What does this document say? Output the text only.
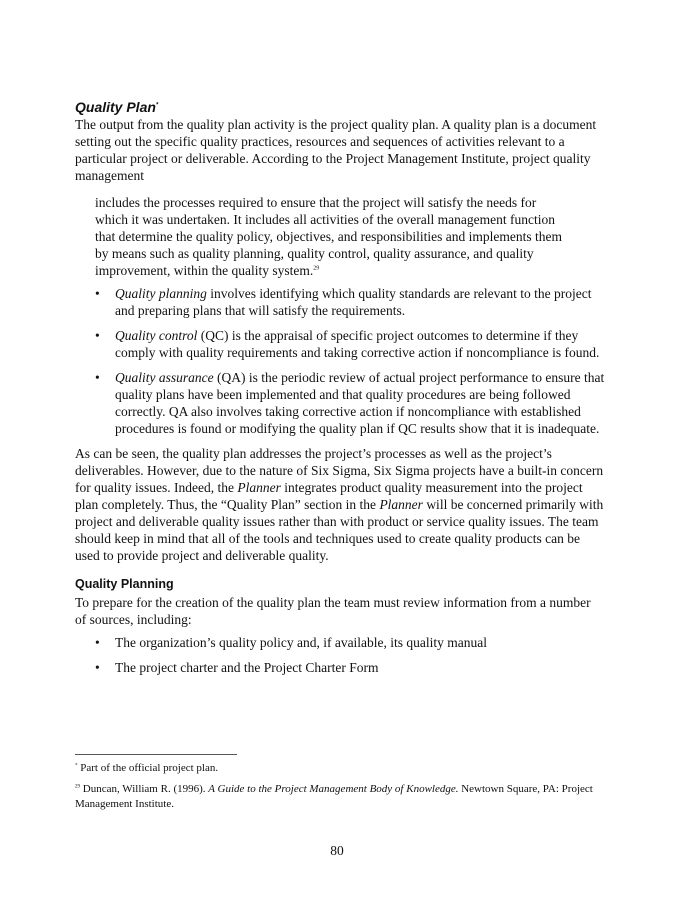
Quality Plan*

The output from the quality plan activity is the project quality plan. A quality plan is a document setting out the specific quality practices, resources and sequences of activities relevant to a particular project or deliverable. According to the Project Management Institute, project quality management

includes the processes required to ensure that the project will satisfy the needs for which it was undertaken. It includes all activities of the overall management function that determine the quality policy, objectives, and responsibilities and implements them by means such as quality planning, quality control, quality assurance, and quality improvement, within the quality system.$^{29}$
• Quality planning involves identifying which quality standards are relevant to the project and preparing plans that will satisfy the requirements.
• Quality control (QC) is the appraisal of specific project outcomes to determine if they comply with quality requirements and taking corrective action if noncompliance is found.
• Quality assurance (QA) is the periodic review of actual project performance to ensure that quality plans have been implemented and that quality procedures are being followed correctly. QA also involves taking corrective action if noncompliance with established procedures is found or modifying the quality plan if QC results show that it is inadequate.

As can be seen, the quality plan addresses the project’s processes as well as the project’s deliverables. However, due to the nature of Six Sigma, Six Sigma projects have a built-in concern for quality issues. Indeed, the Planner integrates product quality measurement into the project plan completely. Thus, the “Quality Plan” section in the Planner will be concerned primarily with project and deliverable quality issues rather than with product or service quality issues. The team should keep in mind that all of the tools and techniques used to create quality products can be used to provide project and deliverable quality.

Quality Planning

To prepare for the creation of the quality plan the team must review information from a number of sources, including:

• The organization’s quality policy and, if available, its quality manual
• The project charter and the Project Charter Form

* Part of the official project plan.

$^{29}$ Duncan, William R. (1996). A Guide to the Project Management Body of Knowledge. Newtown Square, PA: Project Management Institute.

80
